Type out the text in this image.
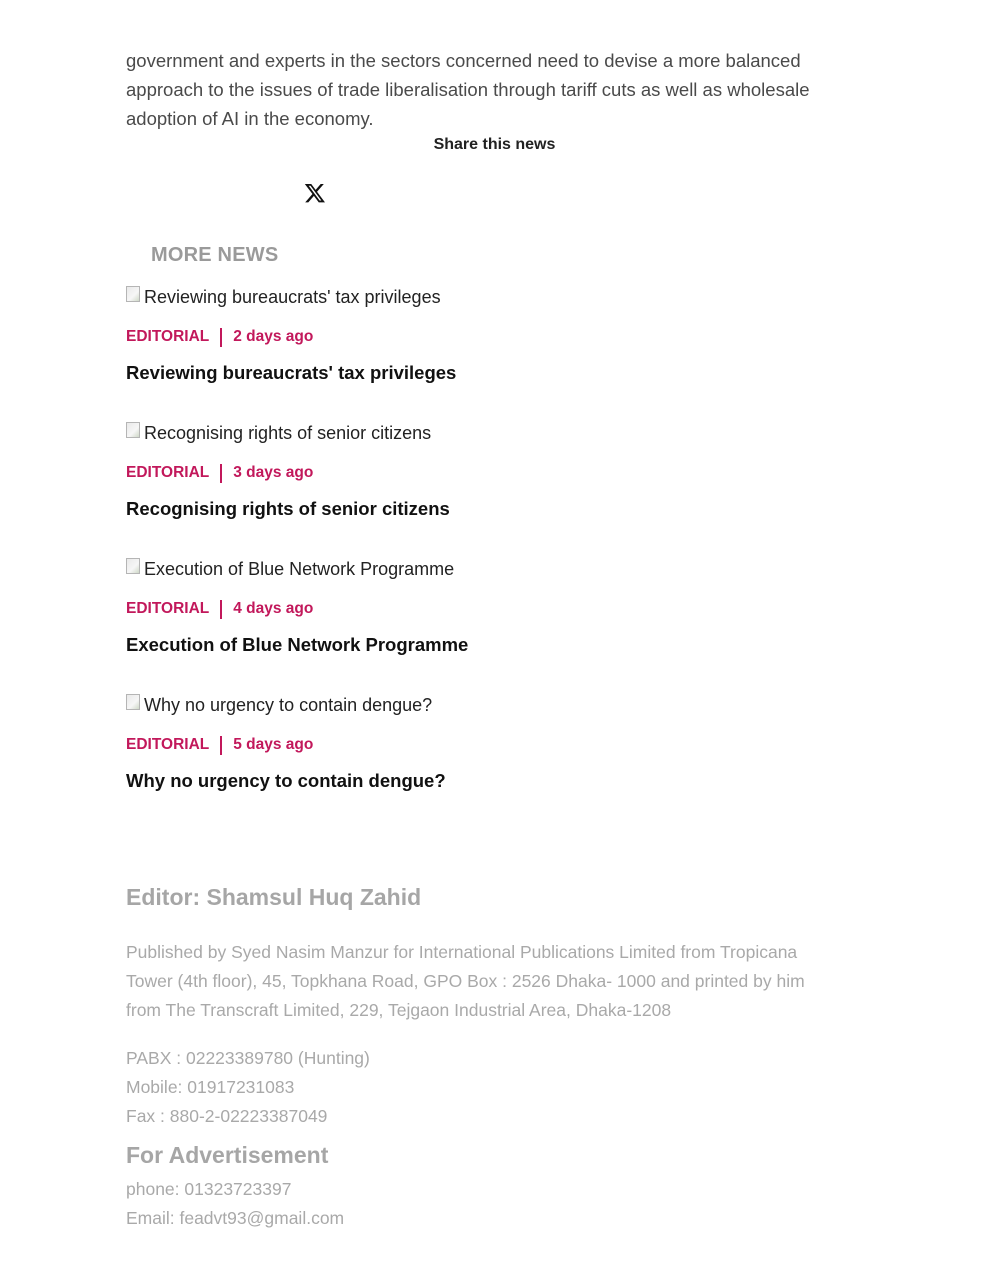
government and experts in the sectors concerned need to devise a more balanced approach to the issues of trade liberalisation through tariff cuts as well as wholesale adoption of AI in the economy.
Share this news
MORE NEWS
Reviewing bureaucrats' tax privileges
EDITORIAL 2 days ago
Reviewing bureaucrats' tax privileges
Recognising rights of senior citizens
EDITORIAL 3 days ago
Recognising rights of senior citizens
Execution of Blue Network Programme
EDITORIAL 4 days ago
Execution of Blue Network Programme
Why no urgency to contain dengue?
EDITORIAL 5 days ago
Why no urgency to contain dengue?
Editor: Shamsul Huq Zahid
Published by Syed Nasim Manzur for International Publications Limited from Tropicana
Tower (4th floor), 45, Topkhana Road, GPO Box : 2526 Dhaka- 1000 and printed by him
from The Transcraft Limited, 229, Tejgaon Industrial Area, Dhaka-1208
PABX : 02223389780 (Hunting)
Mobile: 01917231083
Fax : 880-2-02223387049
For Advertisement
phone: 01323723397
Email: feadvt93@gmail.com
